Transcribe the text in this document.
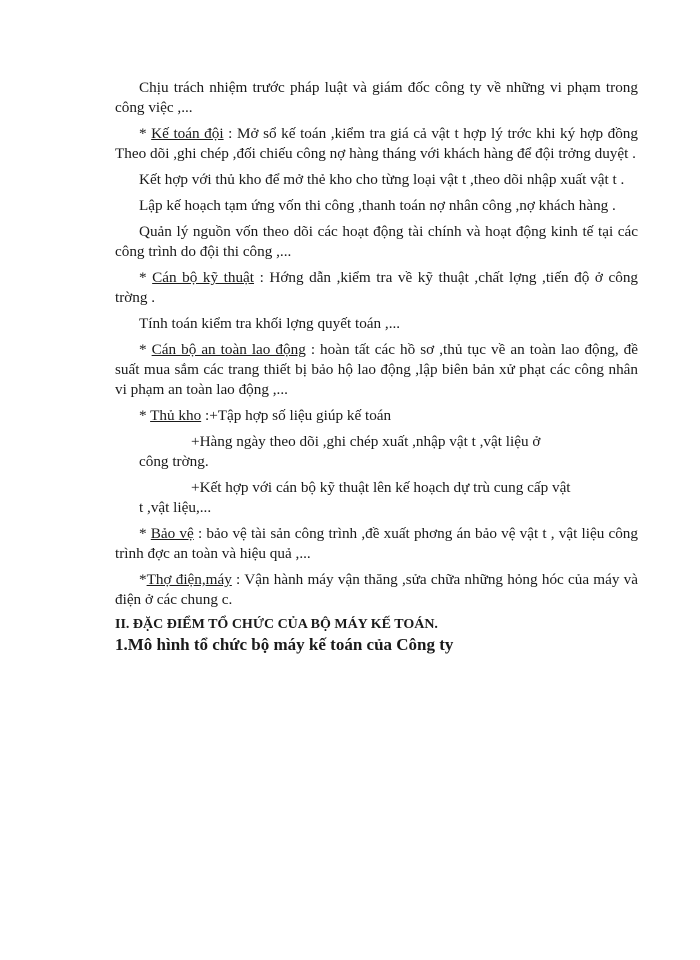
Chịu trách nhiệm trước pháp luật và giám đốc công ty về những vi phạm trong công việc ,...

* Kế toán đội : Mở sổ kế toán ,kiểm tra giá cả vật t hợp lý trớc khi ký hợp đồng Theo dõi ,ghi chép ,đối chiếu công nợ hàng tháng với khách hàng để đội trởng duyệt .

Kết hợp với thủ kho để mở thẻ kho cho từng loại vật t ,theo dõi nhập xuất vật t .

Lập kế hoạch tạm ứng vốn thi công ,thanh toán nợ nhân công ,nợ khách hàng .

Quản lý nguồn vốn theo dõi các hoạt động tài chính và hoạt động kinh tế tại các công trình do đội thi công ,...

* Cán bộ kỹ thuật : Hớng dẫn ,kiểm tra về kỹ thuật ,chất lợng ,tiến độ ở công trờng .

Tính toán kiểm tra khối lợng quyết toán ,...

* Cán bộ an toàn lao động : hoàn tất các hồ sơ ,thủ tục về an toàn lao động, đề suất mua sắm các trang thiết bị bảo hộ lao động ,lập biên bản xử phạt các công nhân vi phạm an toàn lao động ,...

* Thủ kho :+Tập hợp số liệu giúp kế toán

+Hàng ngày theo dõi ,ghi chép xuất ,nhập vật t ,vật liệu ở

công trờng.

+Kết hợp với cán bộ kỹ thuật lên kế hoạch dự trù cung cấp vật

t ,vật liệu,...

* Bảo vệ : bảo vệ tài sản công trình ,đề xuất phơng án bảo vệ vật t , vật liệu công trình đợc an toàn và hiệu quả ,...

*Thợ điện,máy : Vận hành máy vận thăng ,sửa chữa những hỏng hóc của máy và điện ở các chung c.

II. ĐẶC ĐIỂM TỔ CHỨC CỦA BỘ MÁY KẾ TOÁN.

1.Mô hình tổ chức bộ máy kế toán của Công ty
